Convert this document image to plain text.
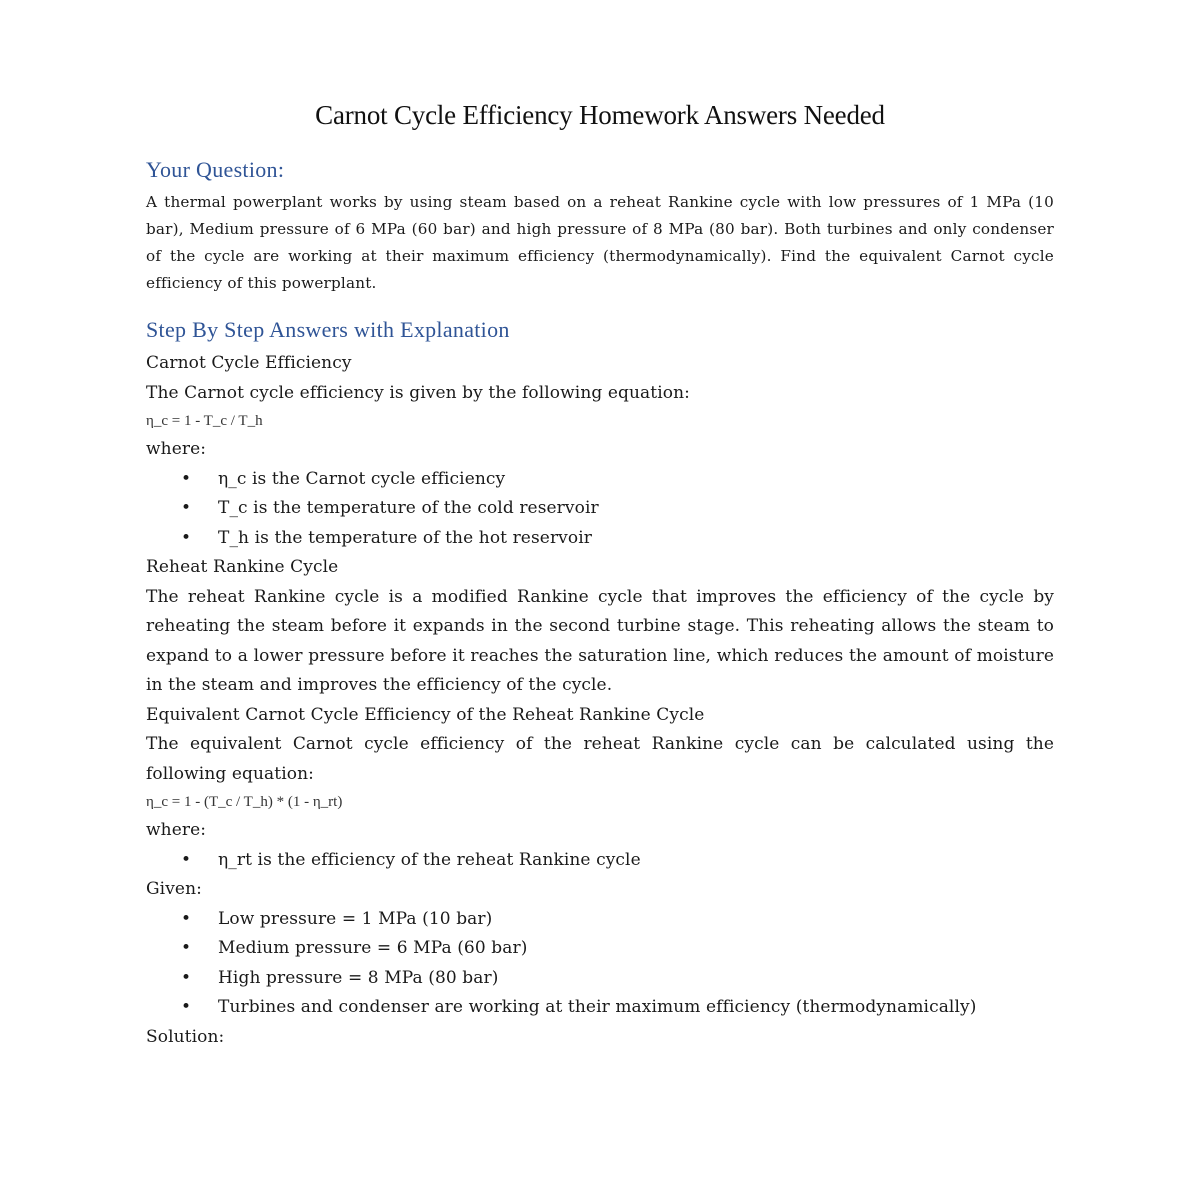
Carnot Cycle Efficiency Homework Answers Needed
Your Question:

A thermal powerplant works by using steam based on a reheat Rankine cycle with low pressures of 1 MPa (10 bar), Medium pressure of 6 MPa (60 bar) and high pressure of 8 MPa (80 bar). Both turbines and only condenser of the cycle are working at their maximum efficiency (thermodynamically). Find the equivalent Carnot cycle efficiency of this powerplant.

Step By Step Answers with Explanation

Carnot Cycle Efficiency

The Carnot cycle efficiency is given by the following equation:

η_c = 1 - T_c / T_h

where:

• η_c is the Carnot cycle efficiency
• T_c is the temperature of the cold reservoir
• T_h is the temperature of the hot reservoir

Reheat Rankine Cycle

The reheat Rankine cycle is a modified Rankine cycle that improves the efficiency of the cycle by reheating the steam before it expands in the second turbine stage. This reheating allows the steam to expand to a lower pressure before it reaches the saturation line, which reduces the amount of moisture in the steam and improves the efficiency of the cycle.

Equivalent Carnot Cycle Efficiency of the Reheat Rankine Cycle

The equivalent Carnot cycle efficiency of the reheat Rankine cycle can be calculated using the following equation:

η_c = 1 - (T_c / T_h) * (1 - η_rt)

where:

• η_rt is the efficiency of the reheat Rankine cycle

Given:

• Low pressure = 1 MPa (10 bar)
• Medium pressure = 6 MPa (60 bar)
• High pressure = 8 MPa (80 bar)
• Turbines and condenser are working at their maximum efficiency (thermodynamically)

Solution:
